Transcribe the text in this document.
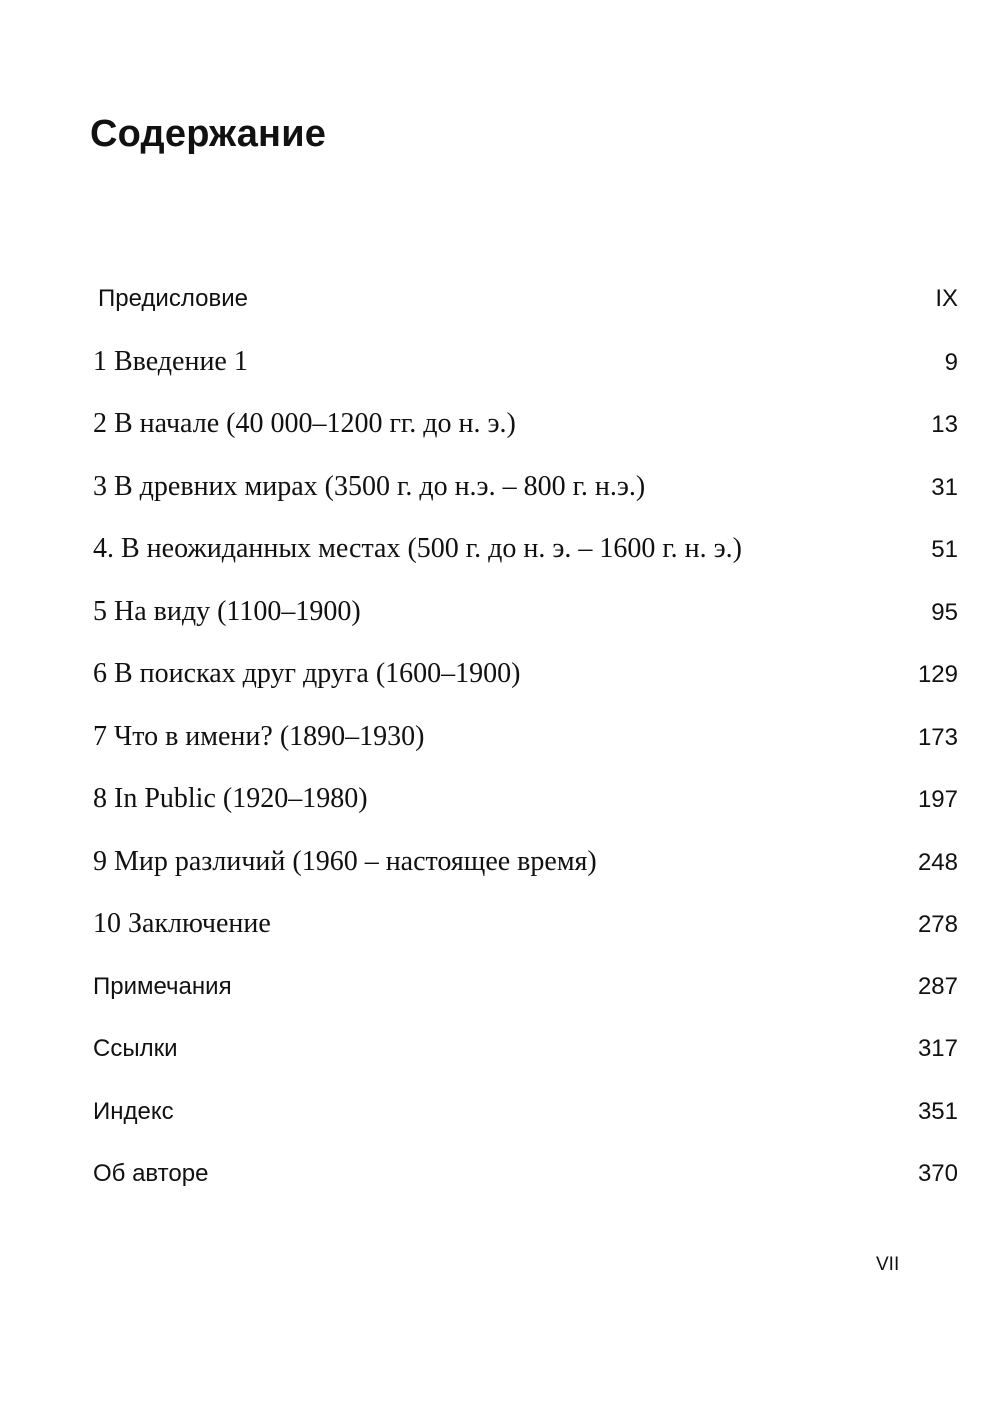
Содержание
Предисловие	IX
1 Введение 1	9
2 В начале (40 000–1200 гг. до н. э.)	13
3 В древних мирах (3500 г. до н.э. – 800 г. н.э.)	31
4. В неожиданных местах (500 г. до н. э. – 1600 г. н. э.)	51
5 На виду (1100–1900)	95
6 В поисках друг друга (1600–1900)	129
7 Что в имени? (1890–1930)	173
8 In Public (1920–1980)	197
9 Мир различий (1960 – настоящее время)	248
10 Заключение	278
Примечания	287
Ссылки	317
Индекс	351
Об авторе	370
VII
